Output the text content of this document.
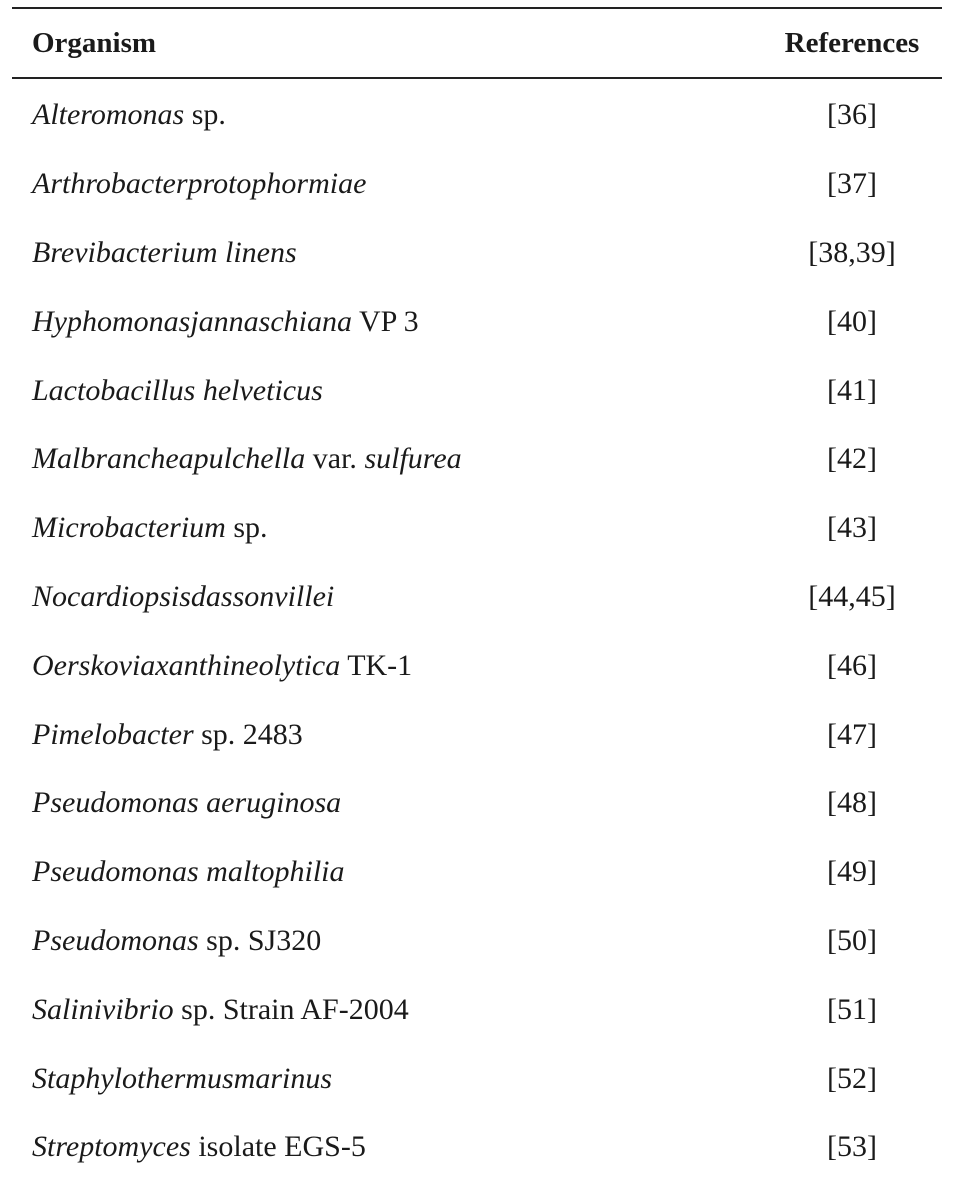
Organism	References
Alteromonas sp.	[36]
Arthrobacterprotophormiae	[37]
Brevibacterium linens	[38,39]
Hyphomonasjannaschiana VP 3	[40]
Lactobacillus helveticus	[41]
Malbrancheapulchella var. sulfurea	[42]
Microbacterium sp.	[43]
Nocardiopsisdassonvillei	[44,45]
Oerskoviaxanthineolytica TK-1	[46]
Pimelobacter sp. 2483	[47]
Pseudomonas aeruginosa	[48]
Pseudomonas maltophilia	[49]
Pseudomonas sp. SJ320	[50]
Salinivibrio sp. Strain AF-2004	[51]
Staphylothermusmarinus	[52]
Streptomyces isolate EGS-5	[53]
